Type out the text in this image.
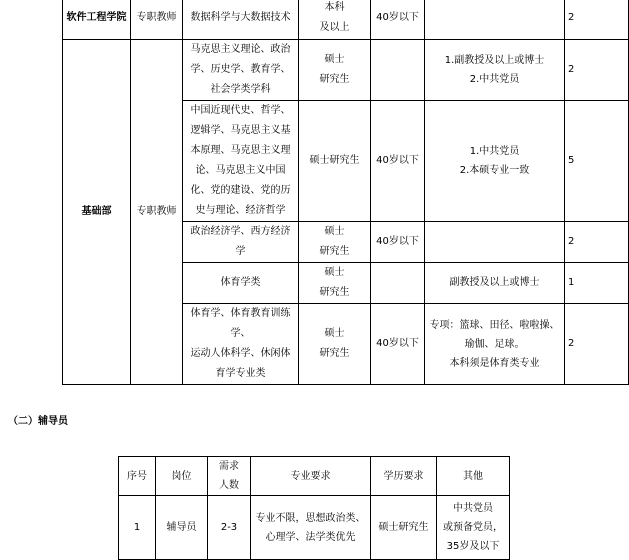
软件工程学院	专职教师	数据科学与大数据技术	本科
及以上	40岁以下		2
基础部	专职教师	马克思主义理论、政治学、历史学、教育学、社会学类学科	硕士
研究生		1.副教授及以上或博士
2.中共党员	2
		中国近现代史、哲学、逻辑学、马克思主义基本原理、马克思主义理论、马克思主义中国化、党的建设、党的历史与理论、经济哲学	硕士研究生	40岁以下	1.中共党员
2.本硕专业一致	5
		政治经济学、西方经济学	硕士
研究生	40岁以下		2
		体育学类	硕士
研究生		副教授及以上或博士	1
		体育学、体育教育训练学、
运动人体科学、休闲体育学专业类	硕士
研究生	40岁以下	专项：篮球、田径、啦啦操、瑜伽、足球。
本科须是体育类专业	2
（二）辅导员
序号	岗位	需求
人数	专业要求	学历要求	其他
1	辅导员	2-3	专业不限，思想政治类、
心理学、法学类优先	硕士研究生	中共党员
或预备党员，
35岁及以下
